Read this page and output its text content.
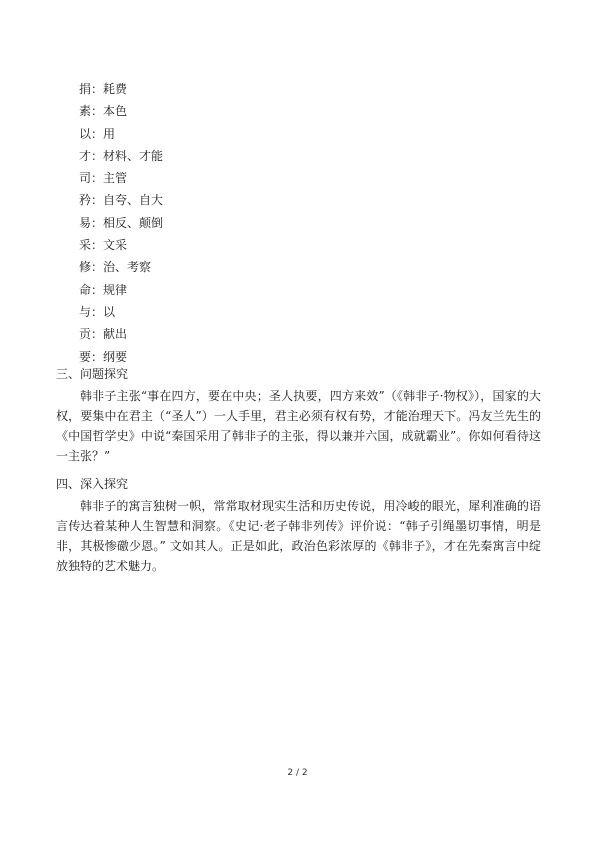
捐：耗费
素：本色
以：用
才：材料、才能
司：主管
矜：自夸、自大
易：相反、颠倒
采：文采
修：治、考察
命：规律
与：以
贡：献出
要：纲要
三、问题探究
韩非子主张“事在四方，要在中央；圣人执要，四方来效”（《韩非子·物权》），国家的大权，要集中在君主（“圣人”）一人手里，君主必须有权有势，才能治理天下。冯友兰先生的《中国哲学史》中说“秦国采用了韩非子的主张，得以兼并六国，成就霸业”。你如何看待这一主张？”
四、深入探究
韩非子的寓言独树一帜，常常取材现实生活和历史传说，用冷峻的眼光，犀利准确的语言传达着某种人生智慧和洞察。《史记·老子韩非列传》评价说：“韩子引绳墨切事情，明是非，其极惨礉少恩。” 文如其人。正是如此，政治色彩浓厚的《韩非子》，才在先秦寓言中绽放独特的艺术魅力。
2 / 2
